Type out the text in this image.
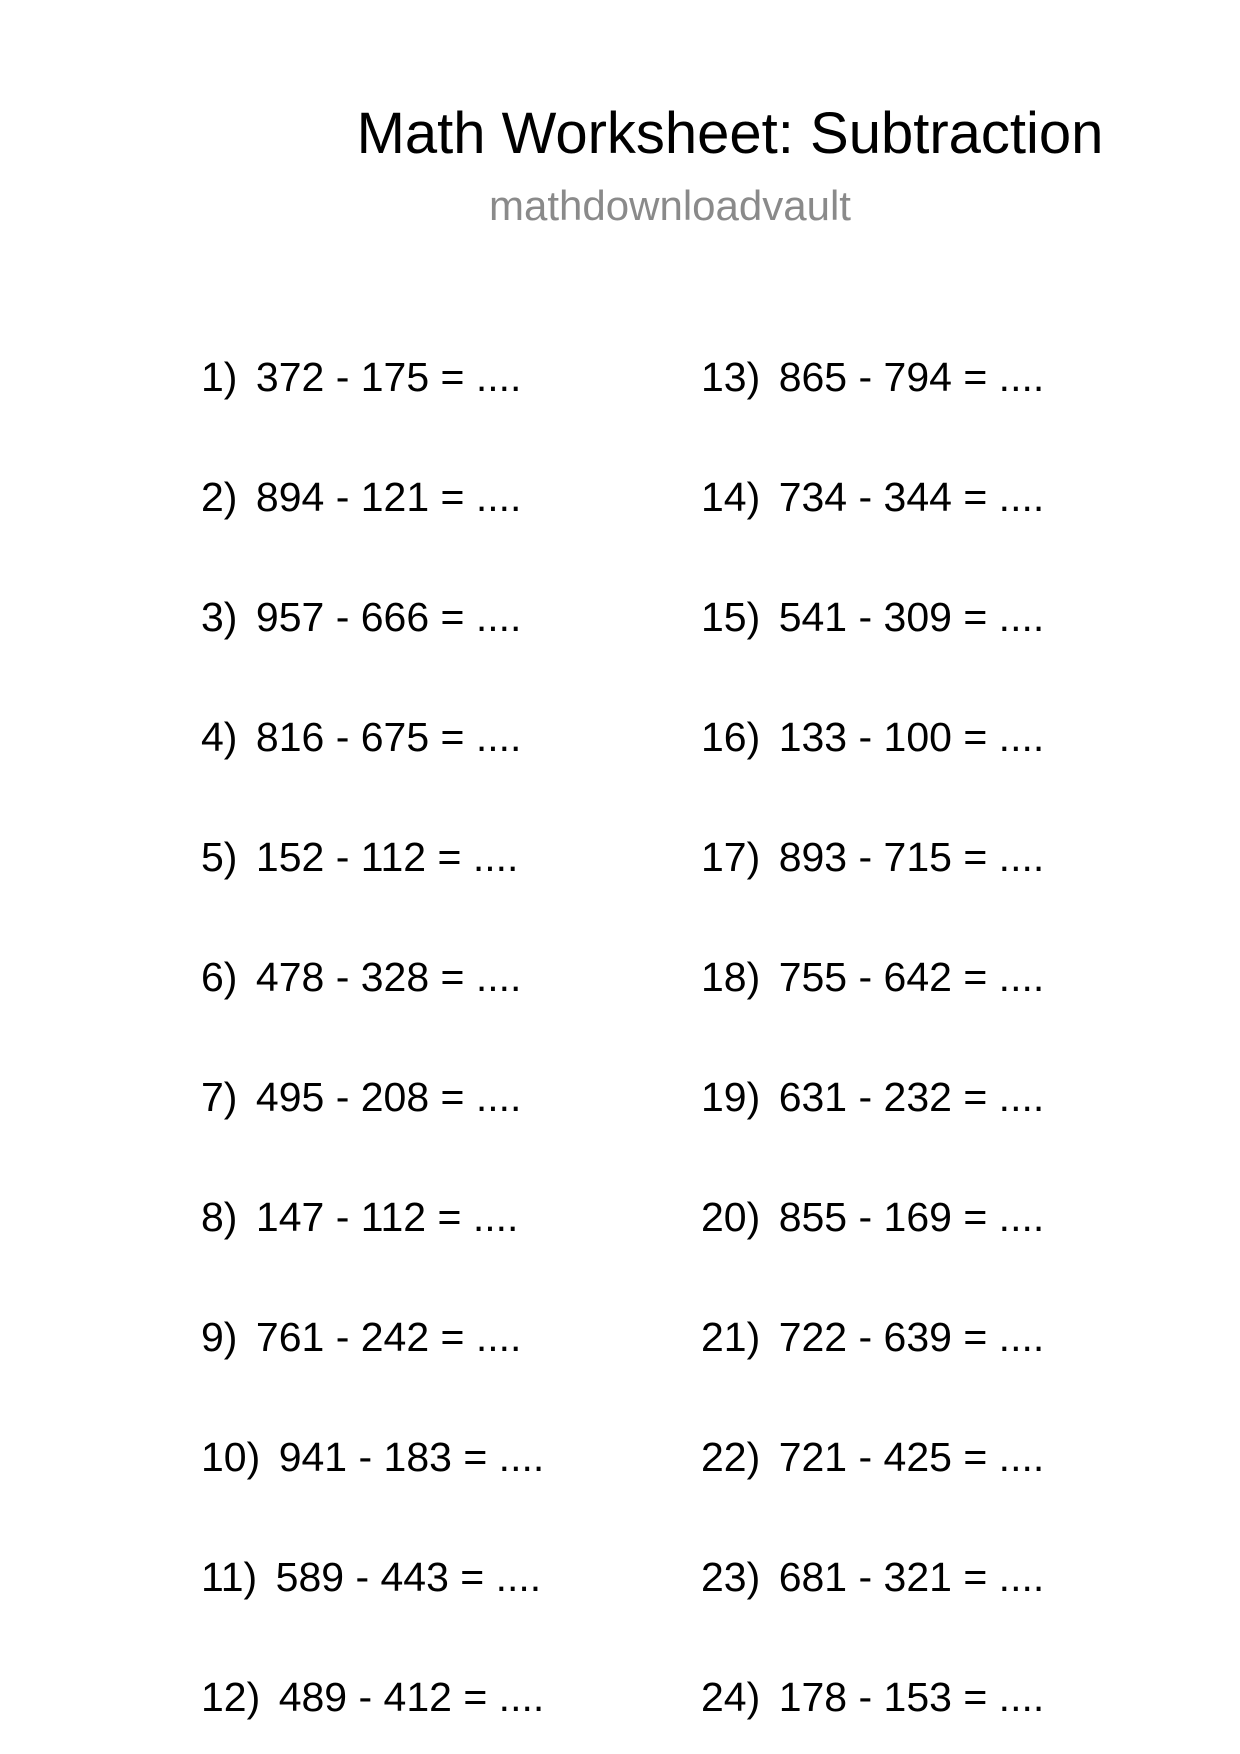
Math Worksheet: Subtraction
mathdownloadvault
1) 372 - 175 = ....
2) 894 - 121 = ....
3) 957 - 666 = ....
4) 816 - 675 = ....
5) 152 - 112 = ....
6) 478 - 328 = ....
7) 495 - 208 = ....
8) 147 - 112 = ....
9) 761 - 242 = ....
10) 941 - 183 = ....
11) 589 - 443 = ....
12) 489 - 412 = ....
13) 865 - 794 = ....
14) 734 - 344 = ....
15) 541 - 309 = ....
16) 133 - 100 = ....
17) 893 - 715 = ....
18) 755 - 642 = ....
19) 631 - 232 = ....
20) 855 - 169 = ....
21) 722 - 639 = ....
22) 721 - 425 = ....
23) 681 - 321 = ....
24) 178 - 153 = ....
